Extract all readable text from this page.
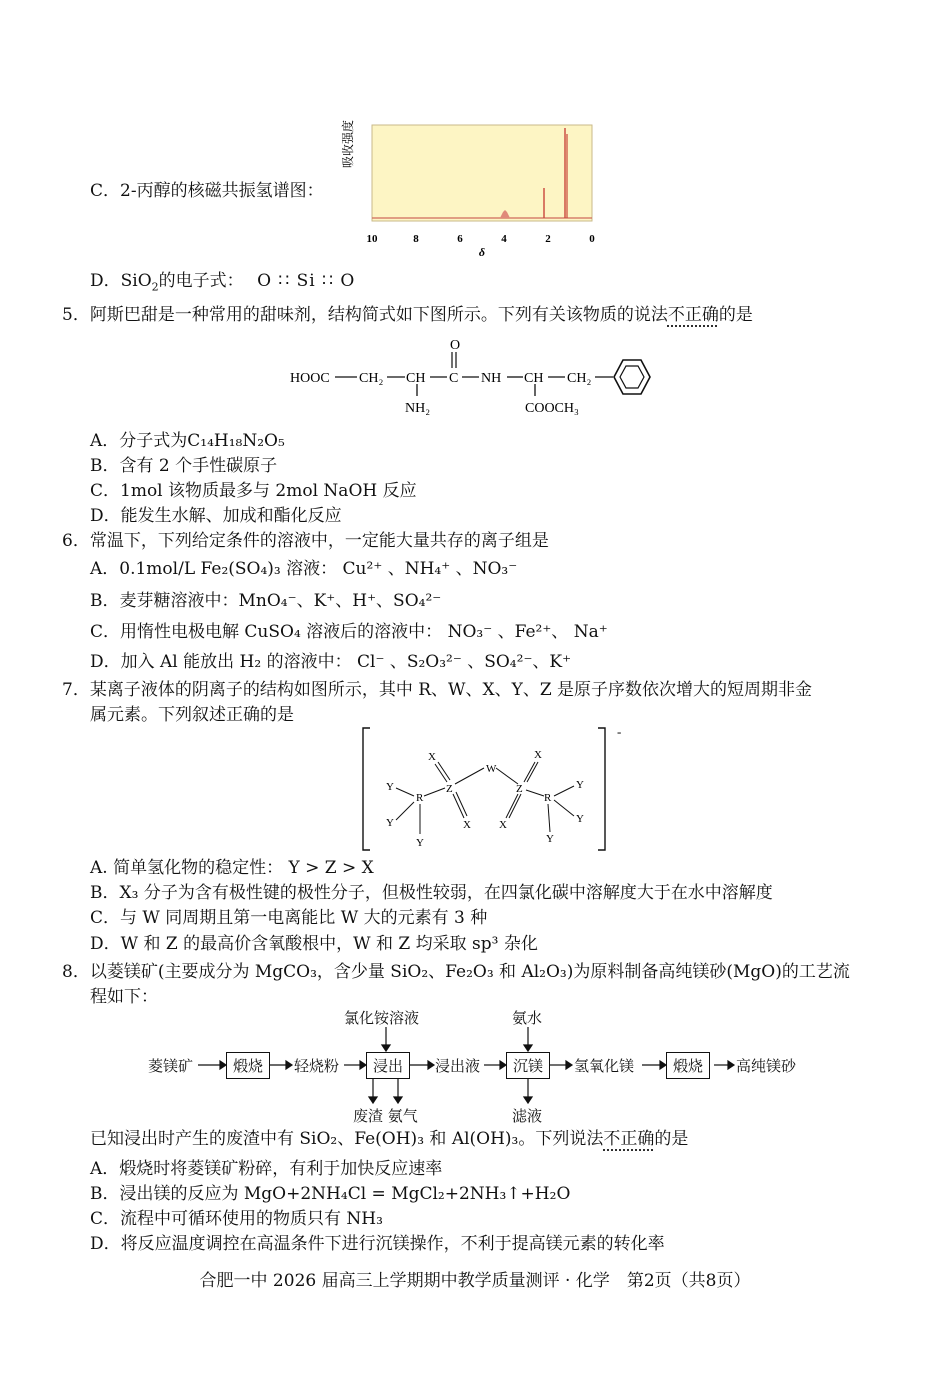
C．2-丙醇的核磁共振氢谱图：
吸收强度
10	8	6	4	2	0
δ
D．SiO$_2$的电子式： O ∷ Si ∷ O
5．阿斯巴甜是一种常用的甜味剂，结构简式如下图所示。下列有关该物质的说法不正确的是
HOOC CH₂ CH C
O
NH CH CH₂
NH₂	COOCH₃
A．分子式为C₁₄H₁₈N₂O₅
B．含有 2 个手性碳原子
C．1mol 该物质最多与 2mol NaOH 反应
D．能发生水解、加成和酯化反应
6．常温下，下列给定条件的溶液中，一定能大量共存的离子组是
A．0.1mol/L Fe₂(SO₄)₃ 溶液： Cu²⁺ 、NH₄⁺ 、NO₃⁻
B．麦芽糖溶液中：MnO₄⁻、K⁺、H⁺、SO₄²⁻
C．用惰性电极电解 CuSO₄ 溶液后的溶液中： NO₃⁻ 、Fe²⁺、 Na⁺
D．加入 Al 能放出 H₂ 的溶液中： Cl⁻ 、S₂O₃²⁻ 、SO₄²⁻、K⁺
7．某离子液体的阴离子的结构如图所示，其中 R、W、X、Y、Z 是原子序数依次增大的短周期非金
属元素。下列叙述正确的是
-
R
Z
W
Z
R
X
X	X
X
Y
Y
Y
Y
Y
Y
A. 简单氢化物的稳定性： Y > Z > X
B．X₃ 分子为含有极性键的极性分子，但极性较弱，在四氯化碳中溶解度大于在水中溶解度
C．与 W 同周期且第一电离能比 W 大的元素有 3 种
D．W 和 Z 的最高价含氧酸根中，W 和 Z 均采取 sp³ 杂化
8．以菱镁矿(主要成分为 MgCO₃，含少量 SiO₂、Fe₂O₃ 和 Al₂O₃)为原料制备高纯镁砂(MgO)的工艺流
程如下：
菱镁矿	煅烧	轻烧粉	浸出	浸出液	沉镁	氢氧化镁	煅烧	高纯镁砂
氯化铵溶液	氨水
废渣 氨气	滤液
已知浸出时产生的废渣中有 SiO₂、Fe(OH)₃ 和 Al(OH)₃。下列说法不正确的是
A．煅烧时将菱镁矿粉碎，有利于加快反应速率
B．浸出镁的反应为 MgO+2NH₄Cl = MgCl₂+2NH₃↑+H₂O
C．流程中可循环使用的物质只有 NH₃
D．将反应温度调控在高温条件下进行沉镁操作，不利于提高镁元素的转化率
合肥一中 2026 届高三上学期期中教学质量测评 · 化学　第2页（共8页）
